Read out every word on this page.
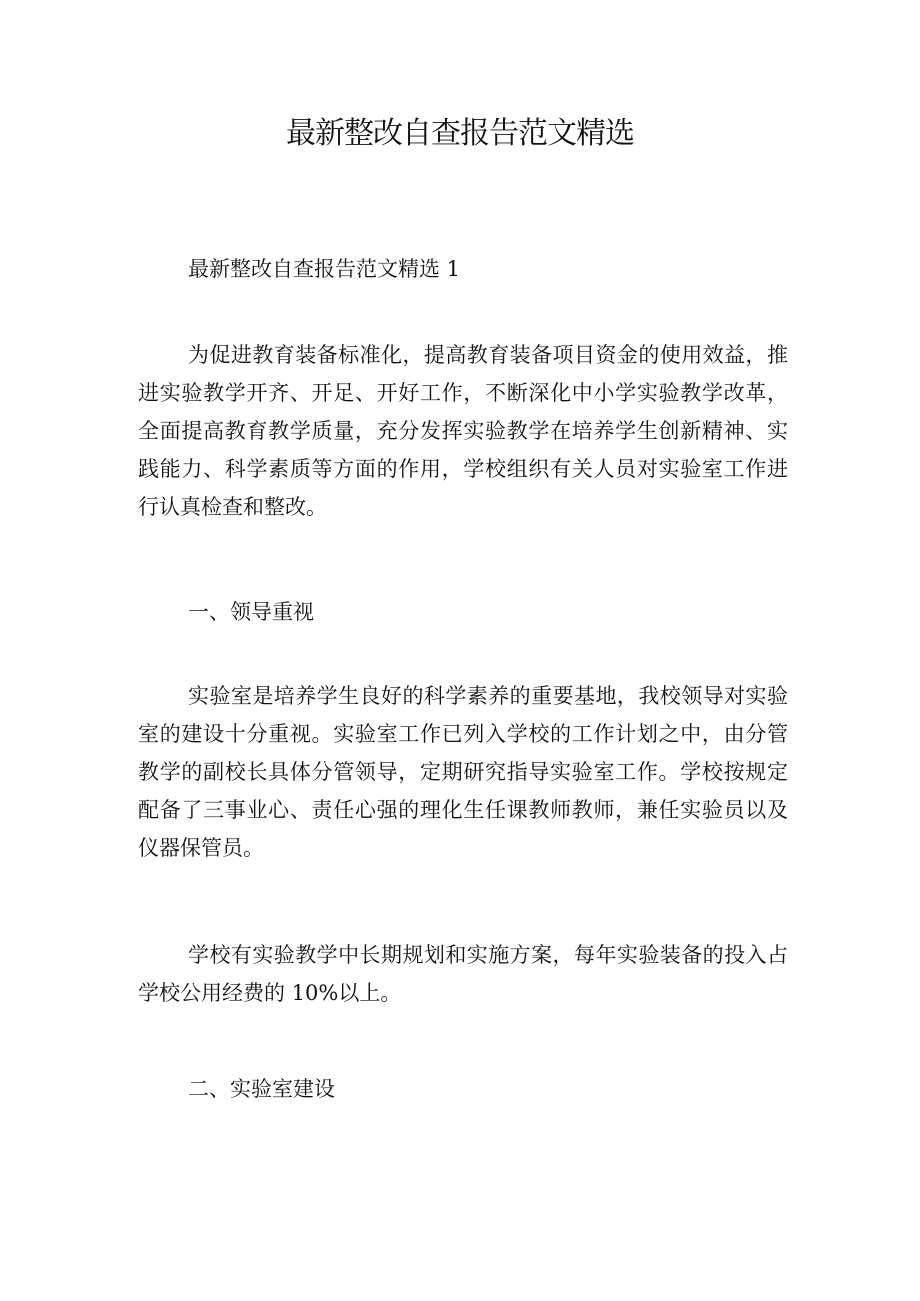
最新整改自查报告范文精选

最新整改自查报告范文精选 1

为促进教育装备标准化，提高教育装备项目资金的使用效益，推进实验教学开齐、开足、开好工作，不断深化中小学实验教学改革，全面提高教育教学质量，充分发挥实验教学在培养学生创新精神、实践能力、科学素质等方面的作用，学校组织有关人员对实验室工作进行认真检查和整改。

一、领导重视

实验室是培养学生良好的科学素养的重要基地，我校领导对实验室的建设十分重视。实验室工作已列入学校的工作计划之中，由分管教学的副校长具体分管领导，定期研究指导实验室工作。学校按规定配备了三事业心、责任心强的理化生任课教师教师，兼任实验员以及仪器保管员。

学校有实验教学中长期规划和实施方案，每年实验装备的投入占学校公用经费的 10%以上。

二、实验室建设
